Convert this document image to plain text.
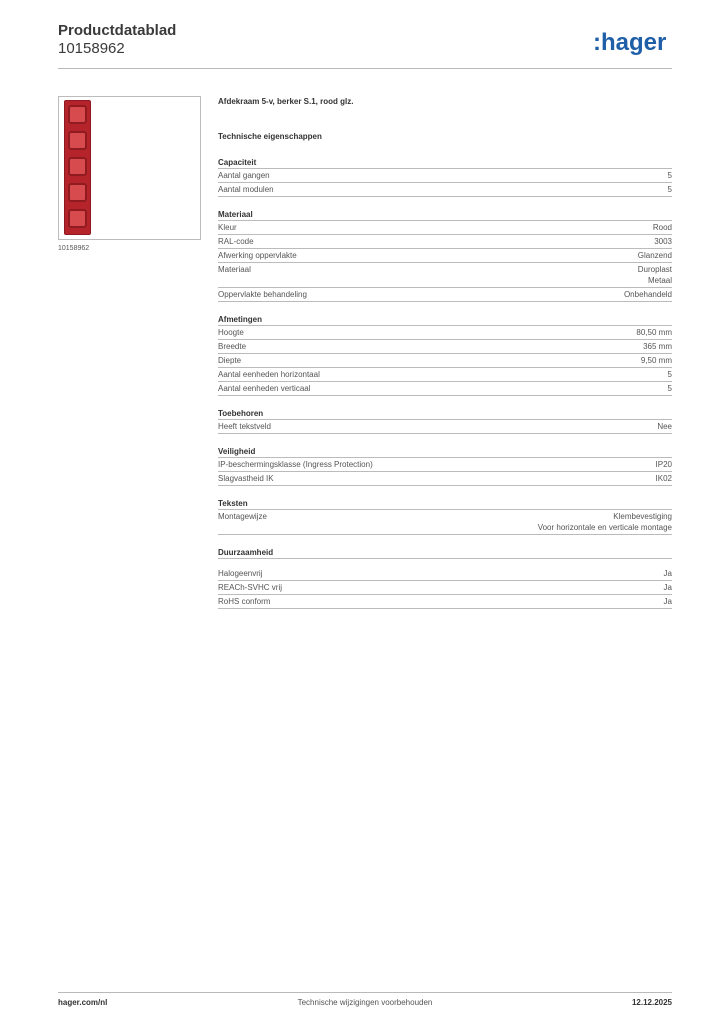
Productdatablad
10158962	:hager
10158962
Afdekraam 5-v, berker S.1, rood glz.
Technische eigenschappen
Capaciteit
Aantal gangen	5
Aantal modulen	5
Materiaal
Kleur	Rood
RAL-code	3003
Afwerking oppervlakte	Glanzend
Materiaal	Duroplast
Metaal
Oppervlakte behandeling	Onbehandeld
Afmetingen
Hoogte	80,50 mm
Breedte	365 mm
Diepte	9,50 mm
Aantal eenheden horizontaal	5
Aantal eenheden verticaal	5
Toebehoren
Heeft tekstveld	Nee
Veiligheid
IP-beschermingsklasse (Ingress Protection)	IP20
Slagvastheid IK	IK02
Teksten
Montagewijze	Klembevestiging
Voor horizontale en verticale montage
Duurzaamheid
Halogeenvrij	Ja
REACh-SVHC vrij	Ja
RoHS conform	Ja
hager.com/nl	Technische wijzigingen voorbehouden	12.12.2025
